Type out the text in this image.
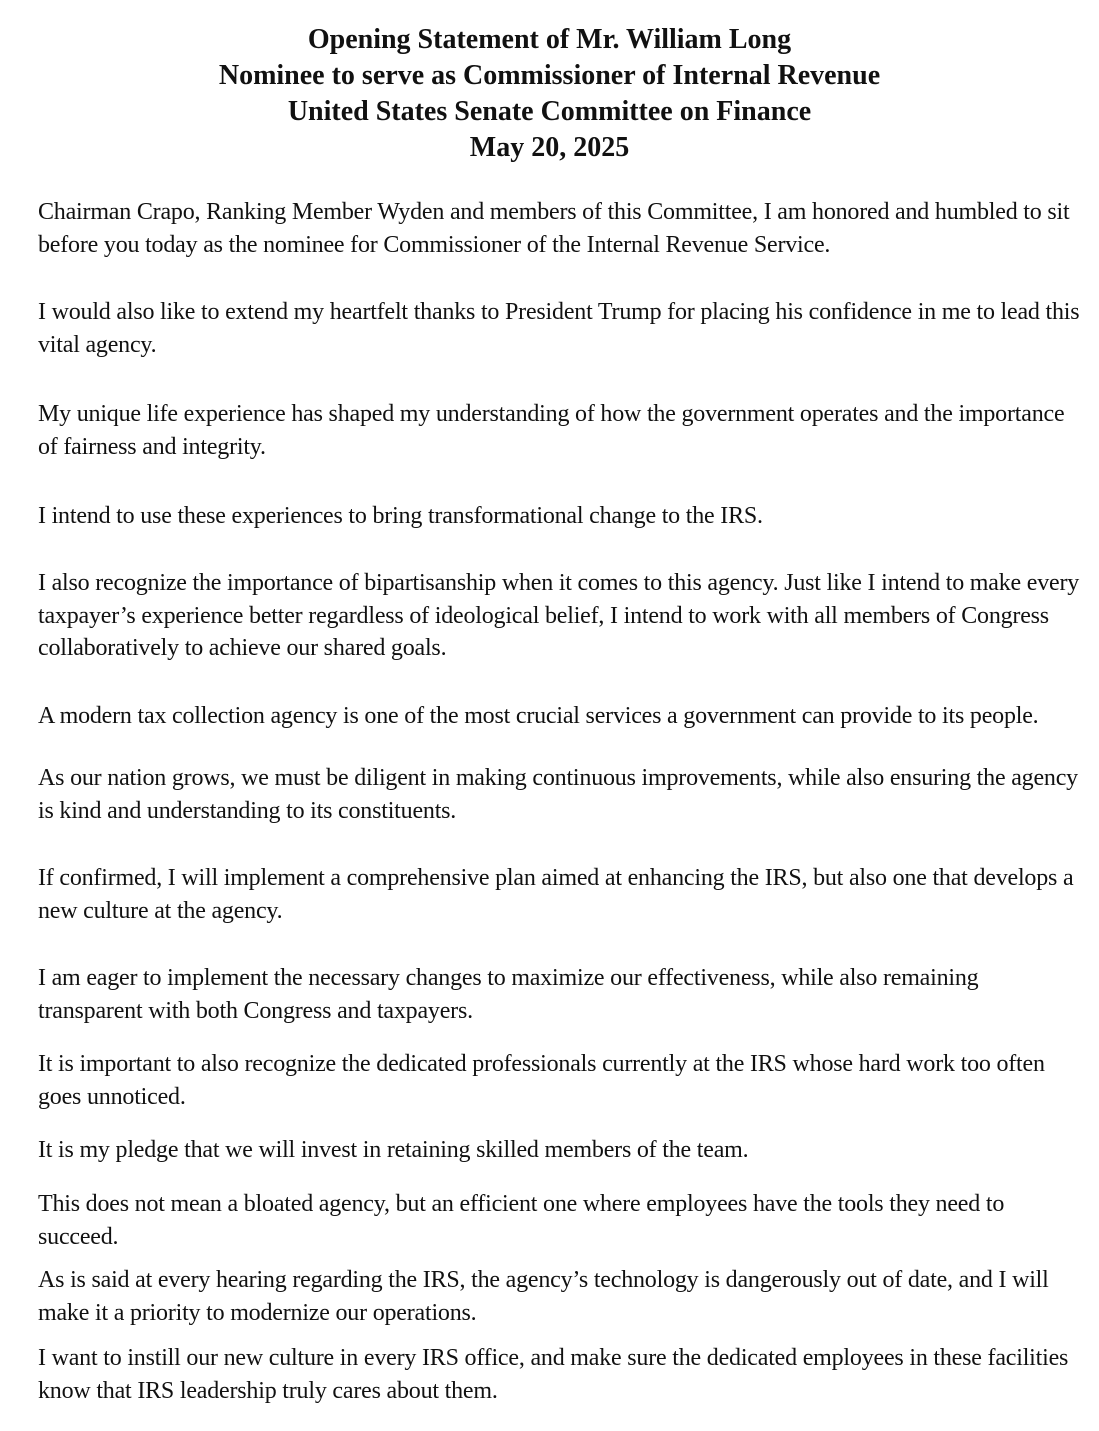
Opening Statement of Mr. William Long
Nominee to serve as Commissioner of Internal Revenue
United States Senate Committee on Finance
May 20, 2025
Chairman Crapo, Ranking Member Wyden and members of this Committee, I am honored and humbled to sit before you today as the nominee for Commissioner of the Internal Revenue Service.
I would also like to extend my heartfelt thanks to President Trump for placing his confidence in me to lead this vital agency.
My unique life experience has shaped my understanding of how the government operates and the importance of fairness and integrity.
I intend to use these experiences to bring transformational change to the IRS.
I also recognize the importance of bipartisanship when it comes to this agency. Just like I intend to make every taxpayer’s experience better regardless of ideological belief, I intend to work with all members of Congress collaboratively to achieve our shared goals.
A modern tax collection agency is one of the most crucial services a government can provide to its people.
As our nation grows, we must be diligent in making continuous improvements, while also ensuring the agency is kind and understanding to its constituents.
If confirmed, I will implement a comprehensive plan aimed at enhancing the IRS, but also one that develops a new culture at the agency.
I am eager to implement the necessary changes to maximize our effectiveness, while also remaining transparent with both Congress and taxpayers.
It is important to also recognize the dedicated professionals currently at the IRS whose hard work too often goes unnoticed.
It is my pledge that we will invest in retaining skilled members of the team.
This does not mean a bloated agency, but an efficient one where employees have the tools they need to succeed.
As is said at every hearing regarding the IRS, the agency’s technology is dangerously out of date, and I will make it a priority to modernize our operations.
I want to instill our new culture in every IRS office, and make sure the dedicated employees in these facilities know that IRS leadership truly cares about them.
